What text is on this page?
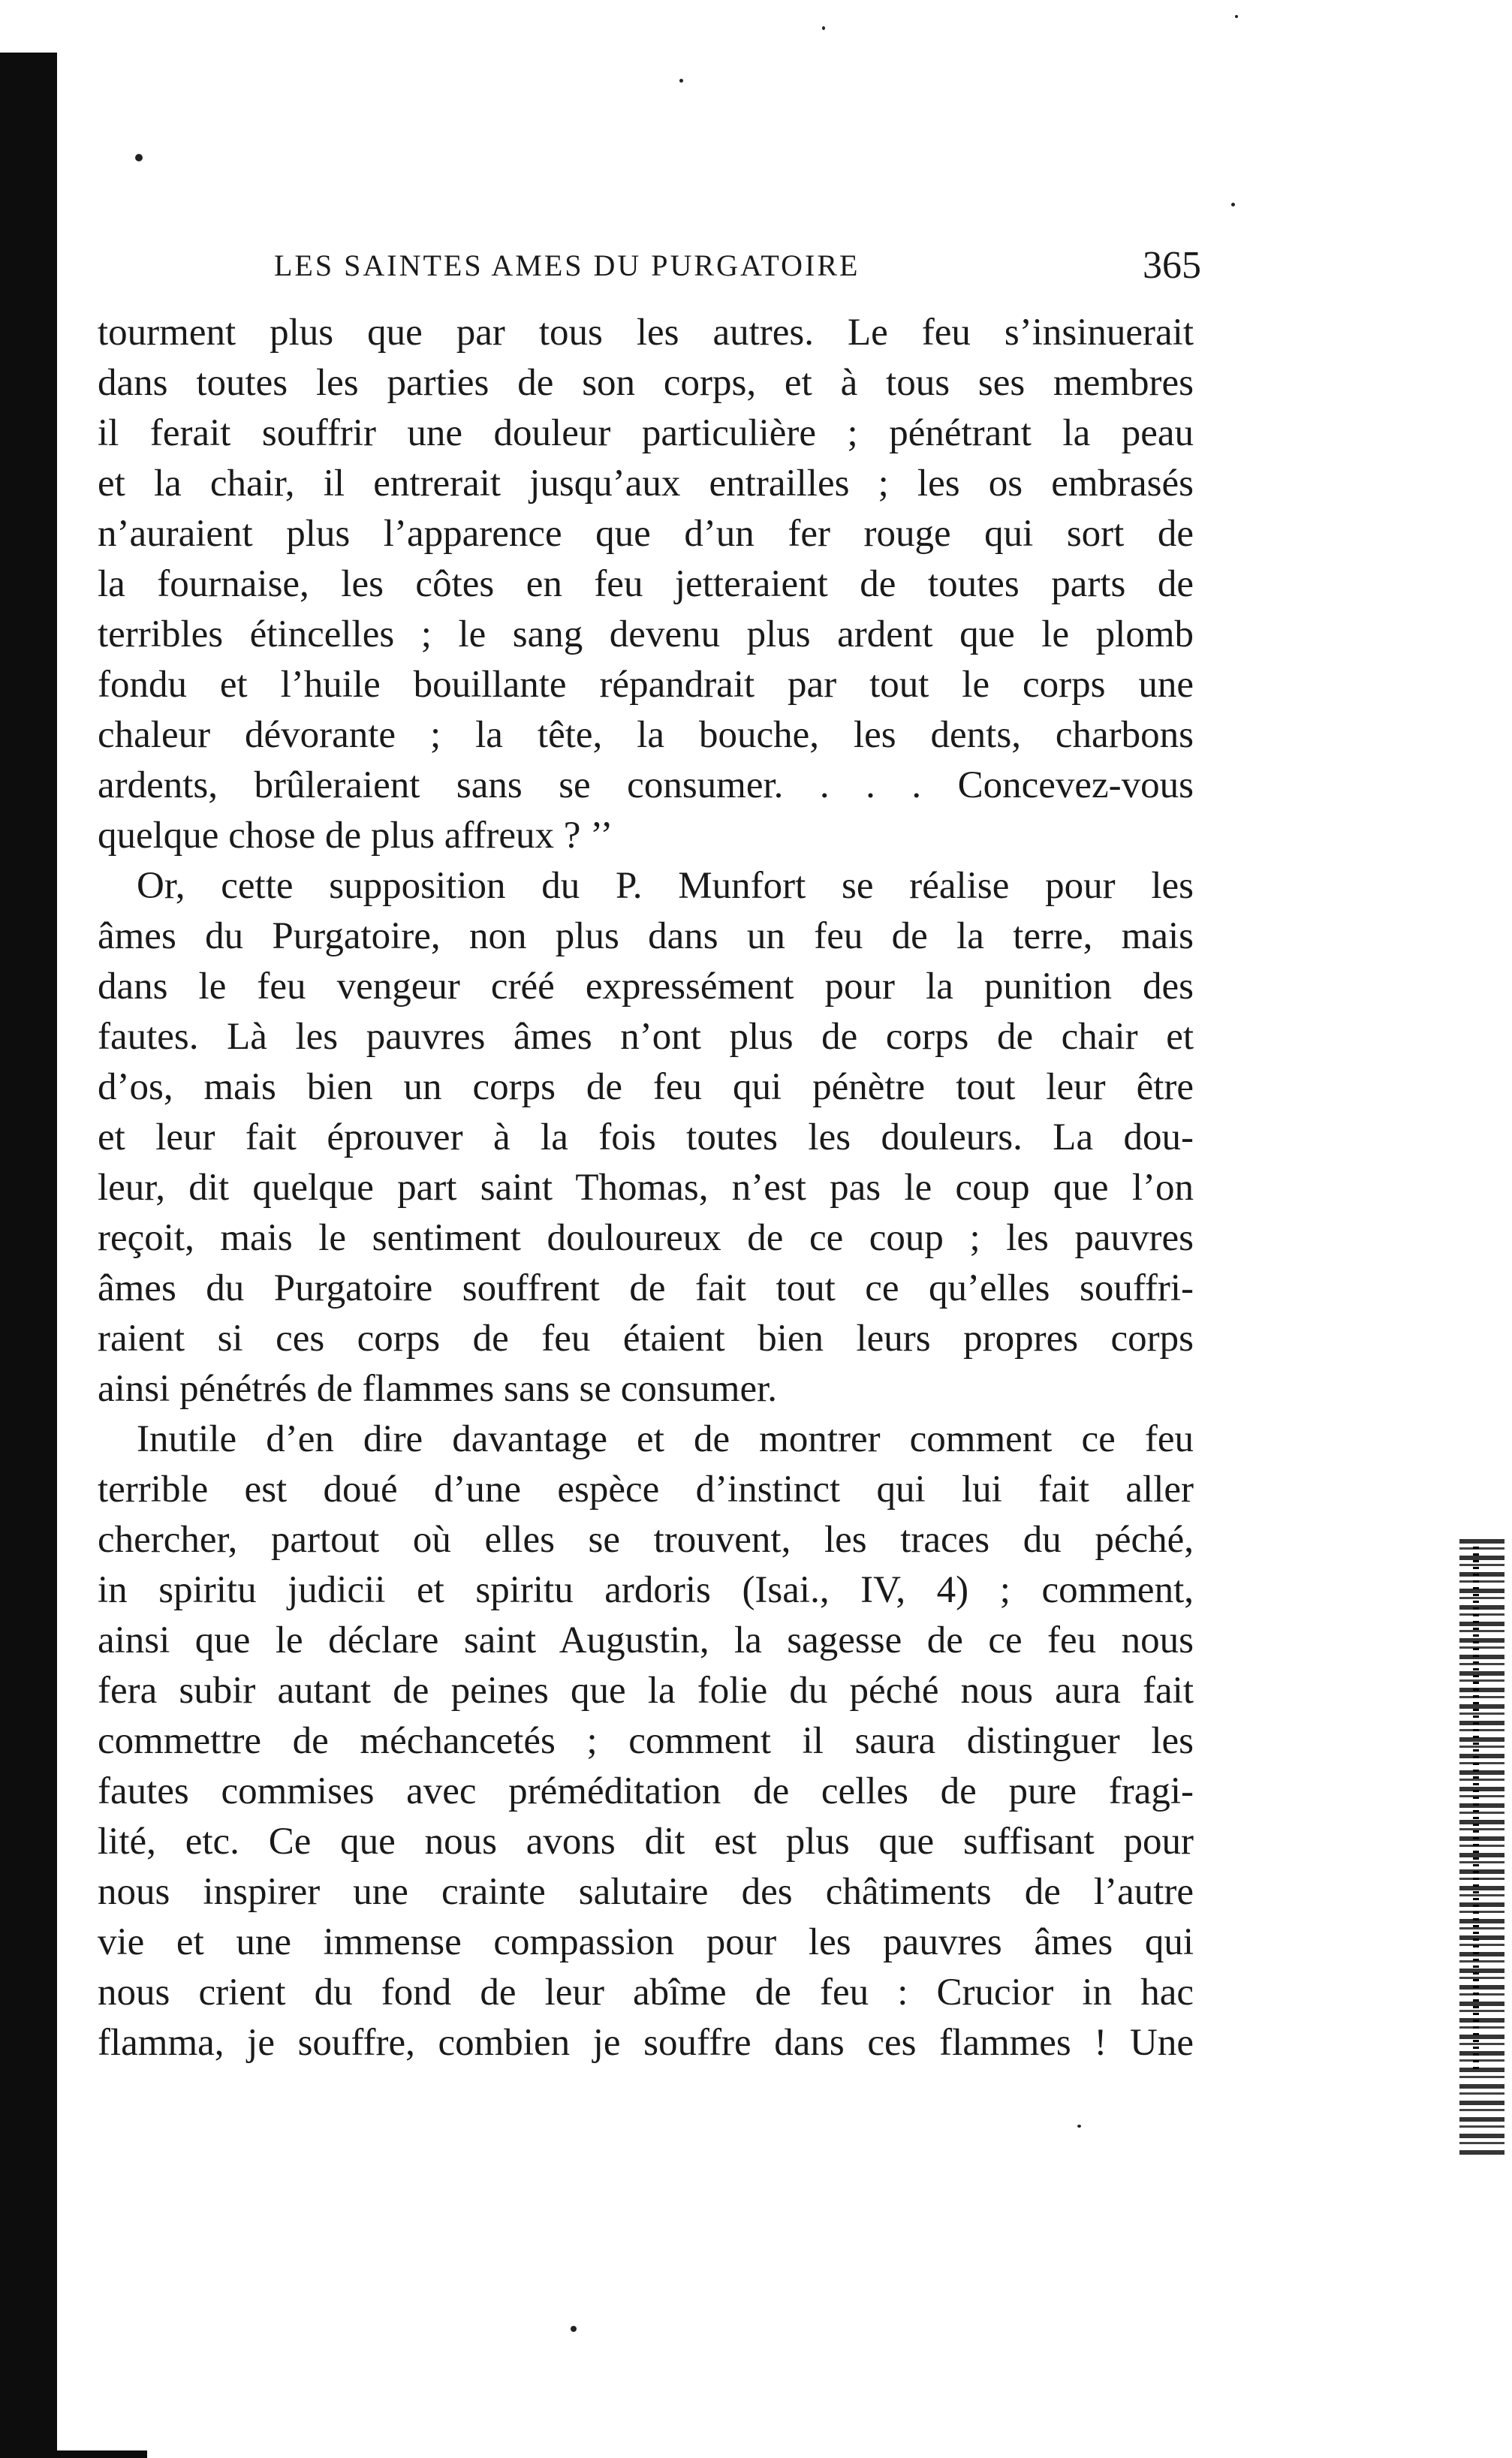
LES SAINTES AMES DU PURGATOIRE	365
tourment plus que par tous les autres. Le feu s’insinuerait
dans toutes les parties de son corps, et à tous ses membres
il ferait souffrir une douleur particulière ; pénétrant la peau
et la chair, il entrerait jusqu’aux entrailles ; les os embrasés
n’auraient plus l’apparence que d’un fer rouge qui sort de
la fournaise, les côtes en feu jetteraient de toutes parts de
terribles étincelles ; le sang devenu plus ardent que le plomb
fondu et l’huile bouillante répandrait par tout le corps une
chaleur dévorante ; la tête, la bouche, les dents, charbons
ardents, brûleraient sans se consumer. . . . Concevez-vous
quelque chose de plus affreux ? ’’
Or, cette supposition du P. Munfort se réalise pour les
âmes du Purgatoire, non plus dans un feu de la terre, mais
dans le feu vengeur créé expressément pour la punition des
fautes. Là les pauvres âmes n’ont plus de corps de chair et
d’os, mais bien un corps de feu qui pénètre tout leur être
et leur fait éprouver à la fois toutes les douleurs. La dou-
leur, dit quelque part saint Thomas, n’est pas le coup que l’on
reçoit, mais le sentiment douloureux de ce coup ; les pauvres
âmes du Purgatoire souffrent de fait tout ce qu’elles souffri-
raient si ces corps de feu étaient bien leurs propres corps
ainsi pénétrés de flammes sans se consumer.
Inutile d’en dire davantage et de montrer comment ce feu
terrible est doué d’une espèce d’instinct qui lui fait aller
chercher, partout où elles se trouvent, les traces du péché,
in spiritu judicii et spiritu ardoris (Isai., IV, 4) ; comment,
ainsi que le déclare saint Augustin, la sagesse de ce feu nous
fera subir autant de peines que la folie du péché nous aura fait
commettre de méchancetés ; comment il saura distinguer les
fautes commises avec préméditation de celles de pure fragi-
lité, etc. Ce que nous avons dit est plus que suffisant pour
nous inspirer une crainte salutaire des châtiments de l’autre
vie et une immense compassion pour les pauvres âmes qui
nous crient du fond de leur abîme de feu : Crucior in hac
flamma, je souffre, combien je souffre dans ces flammes ! Une
